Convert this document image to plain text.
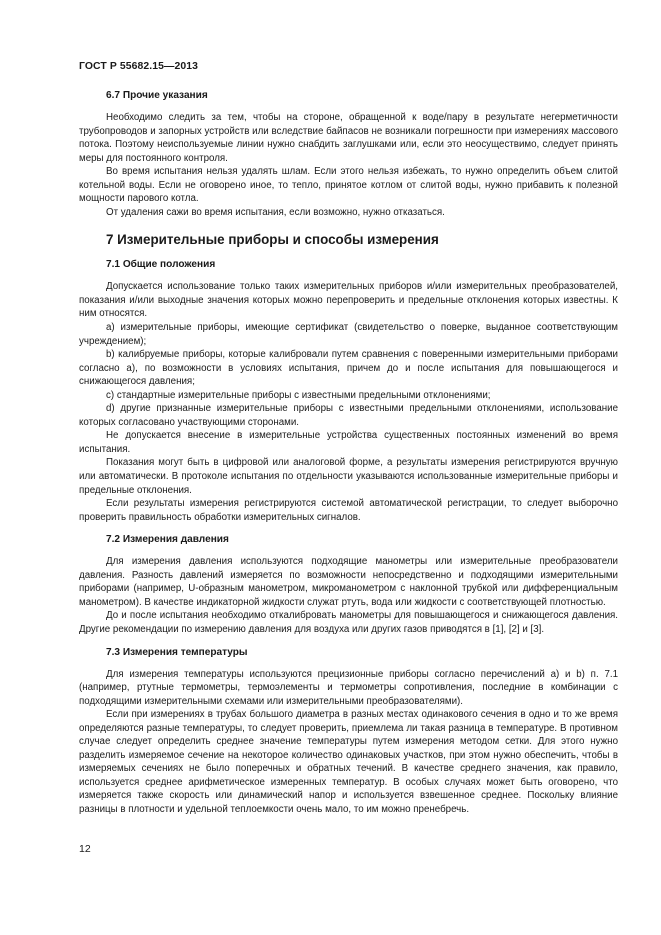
ГОСТ Р 55682.15—2013
6.7 Прочие указания

Необходимо следить за тем, чтобы на стороне, обращенной к воде/пару в результате негерметичности трубопроводов и запорных устройств или вследствие байпасов не возникали погрешности при измерениях массового потока. Поэтому неиспользуемые линии нужно снабдить заглушками или, если это неосуществимо, следует принять меры для постоянного контроля.

Во время испытания нельзя удалять шлам. Если этого нельзя избежать, то нужно определить объем слитой котельной воды. Если не оговорено иное, то тепло, принятое котлом от слитой воды, нужно прибавить к полезной мощности парового котла.

От удаления сажи во время испытания, если возможно, нужно отказаться.

7 Измерительные приборы и способы измерения
7.1 Общие положения

Допускается использование только таких измерительных приборов и/или измерительных преобразователей, показания и/или выходные значения которых можно перепроверить и предельные отклонения которых известны. К ним относятся.

а) измерительные приборы, имеющие сертификат (свидетельство о поверке, выданное соответствующим учреждением);

b) калибруемые приборы, которые калибровали путем сравнения с поверенными измерительными приборами согласно а), по возможности в условиях испытания, причем до и после испытания для повышающегося и снижающегося давления;

с) стандартные измерительные приборы с известными предельными отклонениями;

d) другие признанные измерительные приборы с известными предельными отклонениями, использование которых согласовано участвующими сторонами.

Не допускается внесение в измерительные устройства существенных постоянных изменений во время испытания.

Показания могут быть в цифровой или аналоговой форме, а результаты измерения регистрируются вручную или автоматически. В протоколе испытания по отдельности указываются использованные измерительные приборы и предельные отклонения.

Если результаты измерения регистрируются системой автоматической регистрации, то следует выборочно проверить правильность обработки измерительных сигналов.

7.2 Измерения давления

Для измерения давления используются подходящие манометры или измерительные преобразователи давления. Разность давлений измеряется по возможности непосредственно и подходящими измерительными приборами (например, U-образным манометром, микроманометром с наклонной трубкой или дифференциальным манометром). В качестве индикаторной жидкости служат ртуть, вода или жидкости с соответствующей плотностью.

До и после испытания необходимо откалибровать манометры для повышающегося и снижающегося давления. Другие рекомендации по измерению давления для воздуха или других газов приводятся в [1], [2] и [3].

7.3 Измерения температуры

Для измерения температуры используются прецизионные приборы согласно перечислений а) и b) п. 7.1 (например, ртутные термометры, термоэлементы и термометры сопротивления, последние в комбинации с подходящими измерительными схемами или измерительными преобразователями).

Если при измерениях в трубах большого диаметра в разных местах одинакового сечения в одно и то же время определяются разные температуры, то следует проверить, приемлема ли такая разница в температуре. В противном случае следует определить среднее значение температуры путем измерения методом сетки. Для этого нужно разделить измеряемое сечение на некоторое количество одинаковых участков, при этом нужно обеспечить, чтобы в измеряемых сечениях не было поперечных и обратных течений. В качестве среднего значения, как правило, используется среднее арифметическое измеренных температур. В особых случаях может быть оговорено, что измеряется также скорость или динамический напор и используется взвешенное среднее. Поскольку влияние разницы в плотности и удельной теплоемкости очень мало, то им можно пренебречь.

12
